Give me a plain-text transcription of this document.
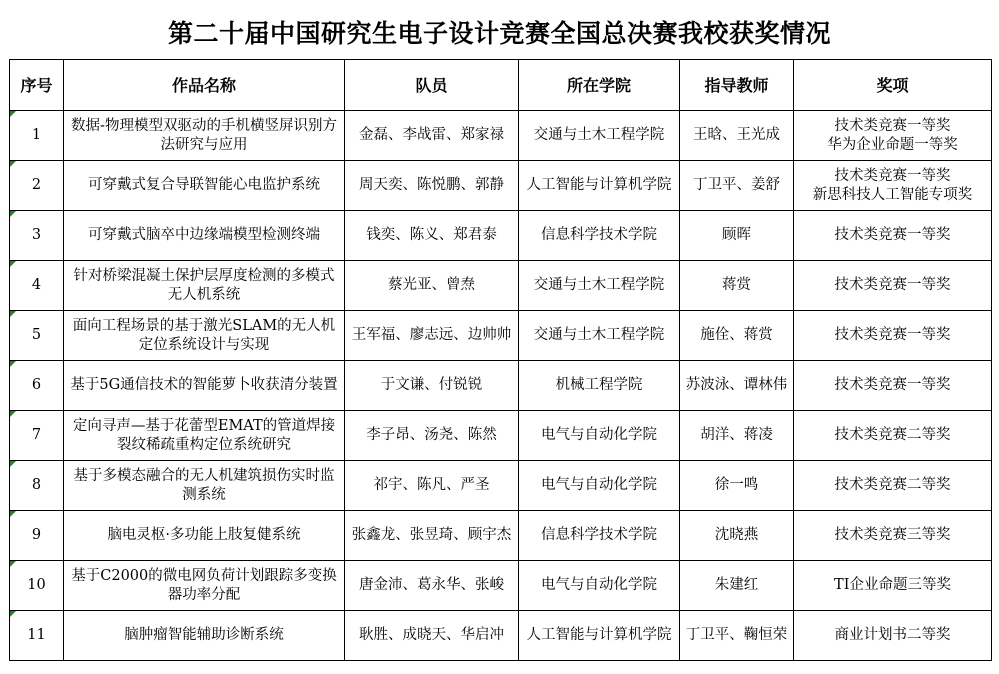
第二十届中国研究生电子设计竞赛全国总决赛我校获奖情况
序号	作品名称	队员	所在学院	指导教师	奖项
1	数据-物理模型双驱动的手机横竖屏识别方法研究与应用	金磊、李战雷、郑家禄	交通与土木工程学院	王晗、王光成	技术类竞赛一等奖
华为企业命题一等奖

2	可穿戴式复合导联智能心电监护系统	周天奕、陈悦鹏、郭静	人工智能与计算机学院	丁卫平、姜舒	技术类竞赛一等奖
新思科技人工智能专项奖

3	可穿戴式脑卒中边缘端模型检测终端	钱奕、陈义、郑君泰	信息科学技术学院	顾晖	技术类竞赛一等奖

4	针对桥梁混凝土保护层厚度检测的多模式无人机系统	蔡光亚、曾焘	交通与土木工程学院	蒋赏	技术类竞赛一等奖

5	面向工程场景的基于激光SLAM的无人机定位系统设计与实现	王军福、廖志远、边帅帅	交通与土木工程学院	施佺、蒋赏	技术类竞赛一等奖

6	基于5G通信技术的智能萝卜收获清分装置	于文谦、付锐锐	机械工程学院	苏波泳、谭林伟	技术类竞赛一等奖

7	定向寻声—基于花蕾型EMAT的管道焊接裂纹稀疏重构定位系统研究	李子昂、汤尧、陈然	电气与自动化学院	胡洋、蒋凌	技术类竞赛二等奖

8	基于多模态融合的无人机建筑损伤实时监测系统	祁宇、陈凡、严圣	电气与自动化学院	徐一鸣	技术类竞赛二等奖

9	脑电灵枢·多功能上肢复健系统	张鑫龙、张昱琦、顾宇杰	信息科学技术学院	沈晓燕	技术类竞赛三等奖

10	基于C2000的微电网负荷计划跟踪多变换器功率分配	唐金沛、葛永华、张峻	电气与自动化学院	朱建红	TI企业命题三等奖

11	脑肿瘤智能辅助诊断系统	耿胜、成晓天、华启冲	人工智能与计算机学院	丁卫平、鞠恒荣	商业计划书二等奖
